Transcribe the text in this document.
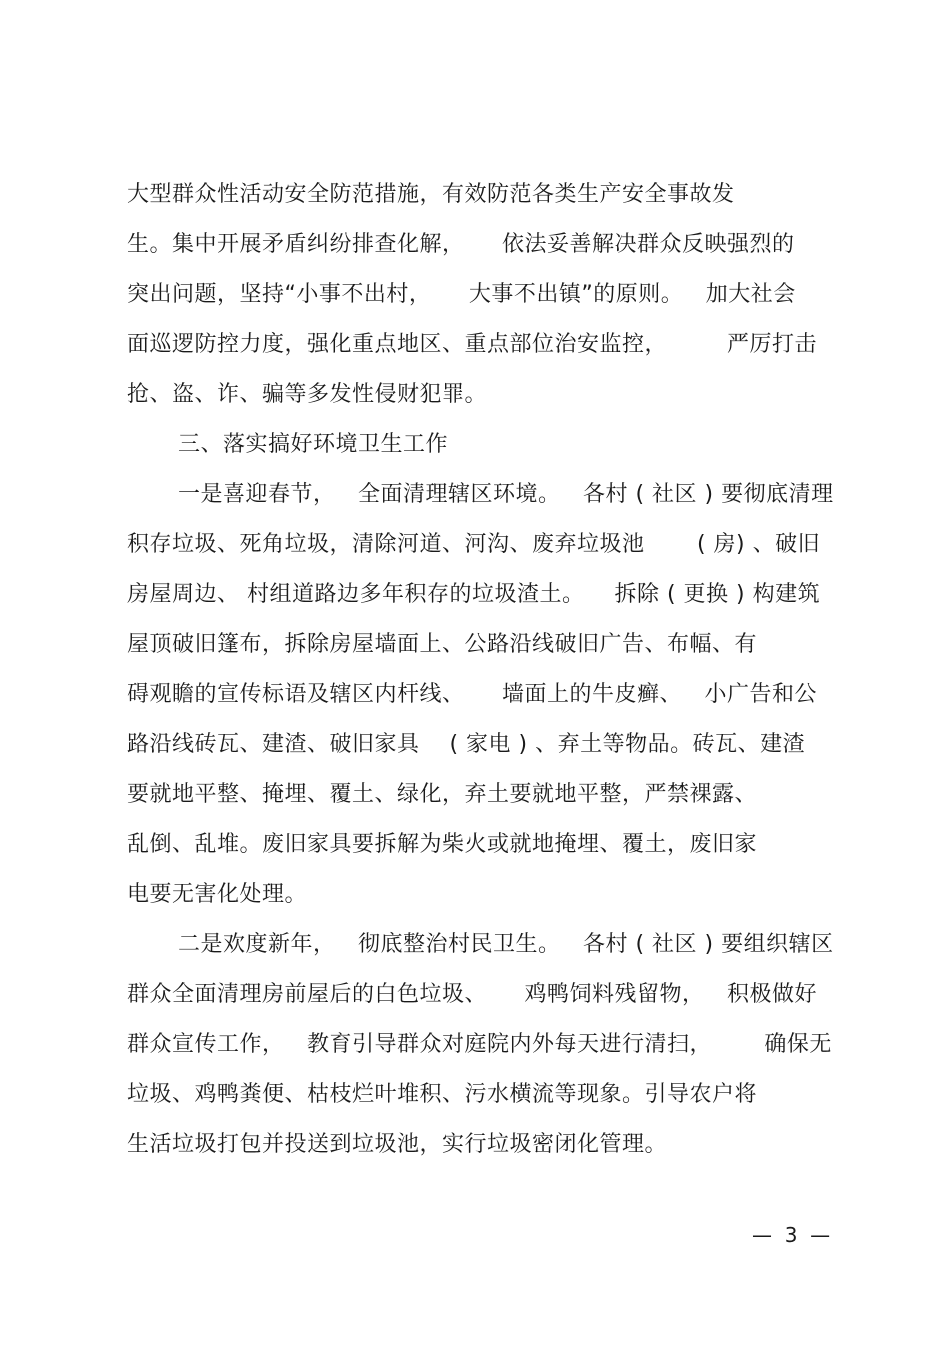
大型群众性活动安全防范措施，有效防范各类生产安全事故发
生。集中开展矛盾纠纷排查化解，     依法妥善解决群众反映强烈的
突出问题，坚持“小事不出村，     大事不出镇”的原则。   加大社会
面巡逻防控力度，强化重点地区、重点部位治安监控，        严厉打击
抢、盗、诈、骗等多发性侵财犯罪。
三、落实搞好环境卫生工作
一是喜迎春节，   全面清理辖区环境。   各村 ( 社区 ) 要彻底清理
积存垃圾、死角垃圾，清除河道、河沟、废弃垃圾池       ( 房) 、破旧
房屋周边、 村组道路边多年积存的垃圾渣土。    拆除 ( 更换 ) 构建筑
屋顶破旧篷布，拆除房屋墙面上、公路沿线破旧广告、布幅、有
碍观瞻的宣传标语及辖区内杆线、     墙面上的牛皮癣、   小广告和公
路沿线砖瓦、建渣、破旧家具    ( 家电 ) 、弃土等物品。砖瓦、建渣
要就地平整、掩埋、覆土、绿化，弃土要就地平整，严禁裸露、
乱倒、乱堆。废旧家具要拆解为柴火或就地掩埋、覆土，废旧家
电要无害化处理。
二是欢度新年，   彻底整治村民卫生。   各村 ( 社区 ) 要组织辖区
群众全面清理房前屋后的白色垃圾、     鸡鸭饲料残留物，   积极做好
群众宣传工作，   教育引导群众对庭院内外每天进行清扫，       确保无
垃圾、鸡鸭粪便、枯枝烂叶堆积、污水横流等现象。引导农户将
生活垃圾打包并投送到垃圾池，实行垃圾密闭化管理。
—  3  —
